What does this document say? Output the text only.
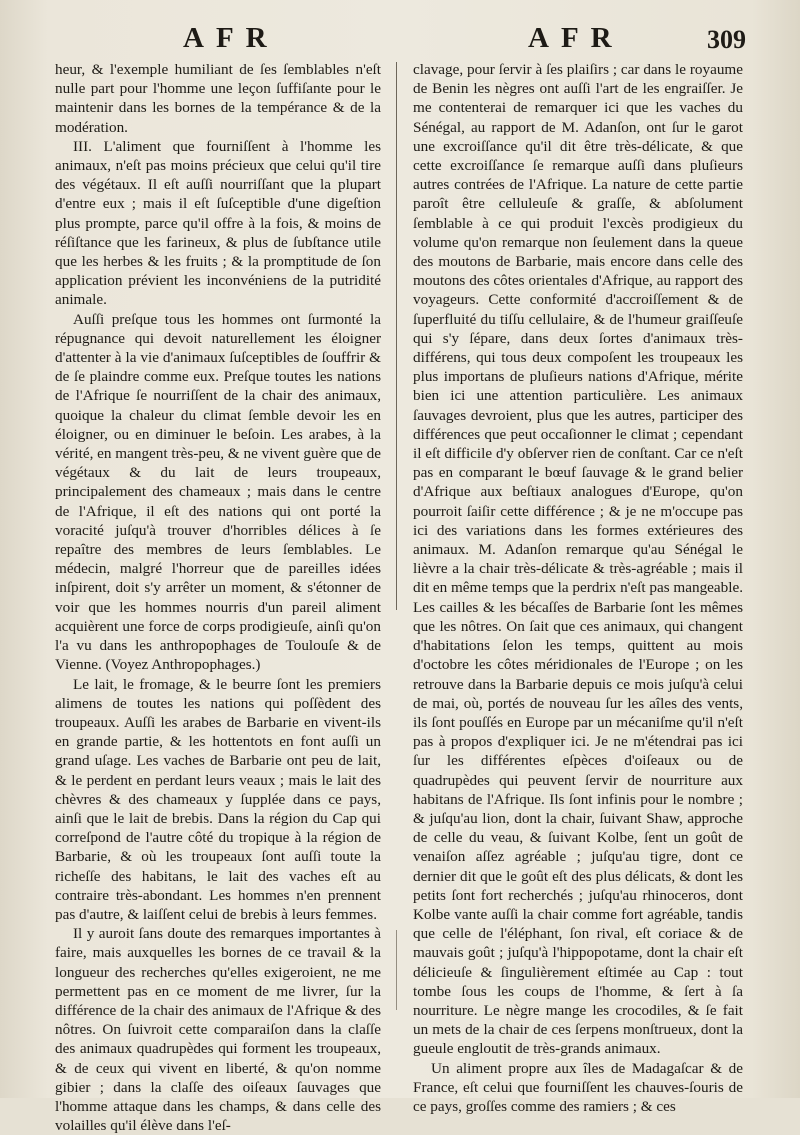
AFR	AFR	309

heur, & l'exemple humiliant de ſes ſemblables n'eſt nulle part pour l'homme une leçon ſuffiſante pour le maintenir dans les bornes de la tempérance & de la modération.

III. L'aliment que fourniſſent à l'homme les animaux, n'eſt pas moins précieux que celui qu'il tire des végétaux. Il eſt auſſi nourriſſant que la plupart d'entre eux ; mais il eſt ſuſceptible d'une digeſtion plus prompte, parce qu'il offre à la fois, & moins de réſiſtance que les farineux, & plus de ſubſtance utile que les herbes & les fruits ; & la promptitude de ſon application prévient les inconvéniens de la putridité animale.

Auſſi preſque tous les hommes ont ſurmonté la répugnance qui devoit naturellement les éloigner d'attenter à la vie d'animaux ſuſceptibles de ſouffrir & de ſe plaindre comme eux. Preſque toutes les nations de l'Afrique ſe nourriſſent de la chair des animaux, quoique la chaleur du climat ſemble devoir les en éloigner, ou en diminuer le beſoin. Les arabes, à la vérité, en mangent très-peu, & ne vivent guère que de végétaux & du lait de leurs troupeaux, principalement des chameaux ; mais dans le centre de l'Afrique, il eſt des nations qui ont porté la voracité juſqu'à trouver d'horribles délices à ſe repaître des membres de leurs ſemblables. Le médecin, malgré l'horreur que de pareilles idées inſpirent, doit s'y arrêter un moment, & s'étonner de voir que les hommes nourris d'un pareil aliment acquièrent une force de corps prodigieuſe, ainſi qu'on l'a vu dans les anthropophages de Toulouſe & de Vienne. (Voyez Anthropophages.)

Le lait, le fromage, & le beurre ſont les premiers alimens de toutes les nations qui poſſèdent des troupeaux. Auſſi les arabes de Barbarie en vivent-ils en grande partie, & les hottentots en font auſſi un grand uſage. Les vaches de Barbarie ont peu de lait, & le perdent en perdant leurs veaux ; mais le lait des chèvres & des chameaux y ſupplée dans ce pays, ainſi que le lait de brebis. Dans la région du Cap qui correſpond de l'autre côté du tropique à la région de Barbarie, & où les troupeaux ſont auſſi toute la richeſſe des habitans, le lait des vaches eſt au contraire très-abondant. Les hommes n'en prennent pas d'autre, & laiſſent celui de brebis à leurs femmes.

Il y auroit ſans doute des remarques importantes à faire, mais auxquelles les bornes de ce travail & la longueur des recherches qu'elles exigeroient, ne me permettent pas en ce moment de me livrer, ſur la différence de la chair des animaux de l'Afrique & des nôtres. On ſuivroit cette comparaiſon dans la claſſe des animaux quadrupèdes qui forment les troupeaux, & de ceux qui vivent en liberté, & qu'on nomme gibier ; dans la claſſe des oiſeaux ſauvages que l'homme attaque dans les champs, & dans celle des volailles qu'il élève dans l'eſ-

clavage, pour ſervir à ſes plaiſirs ; car dans le royaume de Benin les nègres ont auſſi l'art de les engraiſſer. Je me contenterai de remarquer ici que les vaches du Sénégal, au rapport de M. Adanſon, ont ſur le garot une excroiſſance qu'il dit être très-délicate, & que cette excroiſſance ſe remarque auſſi dans pluſieurs autres contrées de l'Afrique. La nature de cette partie paroît être celluleuſe & graſſe, & abſolument ſemblable à ce qui produit l'excès prodigieux du volume qu'on remarque non ſeulement dans la queue des moutons de Barbarie, mais encore dans celle des moutons des côtes orientales d'Afrique, au rapport des voyageurs. Cette conformité d'accroiſſement & de ſuperfluité du tiſſu cellulaire, & de l'humeur graiſſeuſe qui s'y ſépare, dans deux ſortes d'animaux très-différens, qui tous deux compoſent les troupeaux les plus importans de pluſieurs nations d'Afrique, mérite bien ici une attention particulière. Les animaux ſauvages devroient, plus que les autres, participer des différences que peut occaſionner le climat ; cependant il eſt difficile d'y obſerver rien de conſtant. Car ce n'eſt pas en comparant le bœuf ſauvage & le grand belier d'Afrique aux beſtiaux analogues d'Europe, qu'on pourroit ſaiſir cette différence ; & je ne m'occupe pas ici des variations dans les formes extérieures des animaux. M. Adanſon remarque qu'au Sénégal le lièvre a la chair très-délicate & très-agréable ; mais il dit en même temps que la perdrix n'eſt pas mangeable. Les cailles & les bécaſſes de Barbarie ſont les mêmes que les nôtres. On ſait que ces animaux, qui changent d'habitations ſelon les temps, quittent au mois d'octobre les côtes méridionales de l'Europe ; on les retrouve dans la Barbarie depuis ce mois juſqu'à celui de mai, où, portés de nouveau ſur les aîles des vents, ils ſont pouſſés en Europe par un mécaniſme qu'il n'eſt pas à propos d'expliquer ici. Je ne m'étendrai pas ici ſur les différentes eſpèces d'oiſeaux ou de quadrupèdes qui peuvent ſervir de nourriture aux habitans de l'Afrique. Ils ſont infinis pour le nombre ; & juſqu'au lion, dont la chair, ſuivant Shaw, approche de celle du veau, & ſuivant Kolbe, ſent un goût de venaiſon aſſez agréable ; juſqu'au tigre, dont ce dernier dit que le goût eſt des plus délicats, & dont les petits ſont fort recherchés ; juſqu'au rhinoceros, dont Kolbe vante auſſi la chair comme fort agréable, tandis que celle de l'éléphant, ſon rival, eſt coriace & de mauvais goût ; juſqu'à l'hippopotame, dont la chair eſt délicieuſe & ſingulièrement eſtimée au Cap : tout tombe ſous les coups de l'homme, & ſert à ſa nourriture. Le nègre mange les crocodiles, & ſe fait un mets de la chair de ces ſerpens monſtrueux, dont la gueule engloutit de très-grands animaux.

Un aliment propre aux îles de Madagaſcar & de France, eſt celui que fourniſſent les chauves-ſouris de ce pays, groſſes comme des ramiers ; & ces
